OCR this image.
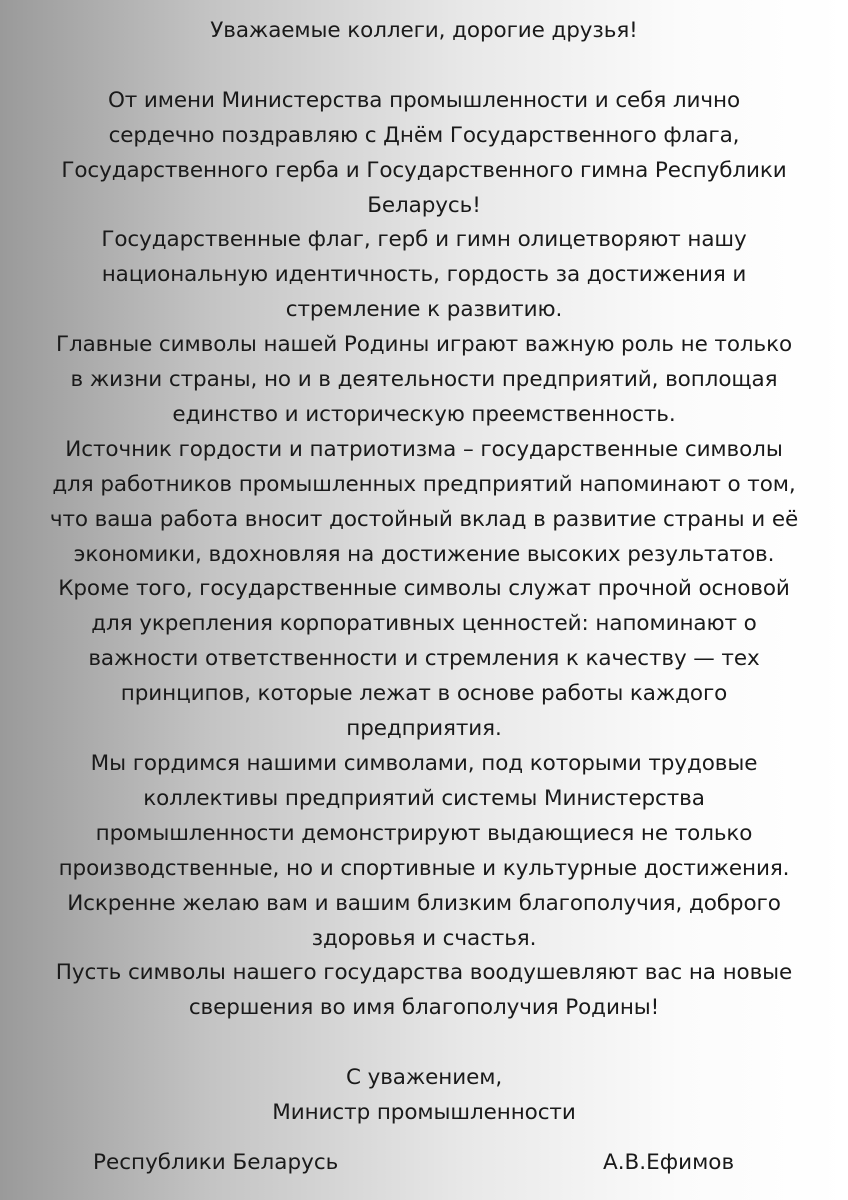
Уважаемые коллеги, дорогие друзья!

От имени Министерства промышленности и себя лично

сердечно поздравляю с Днём Государственного флага,

Государственного герба и Государственного гимна Республики

Беларусь!

Государственные флаг, герб и гимн олицетворяют нашу

национальную идентичность, гордость за достижения и

стремление к развитию.

Главные символы нашей Родины играют важную роль не только

в жизни страны, но и в деятельности предприятий, воплощая

единство и историческую преемственность.

Источник гордости и патриотизма – государственные символы

для работников промышленных предприятий напоминают о том,

что ваша работа вносит достойный вклад в развитие страны и её

экономики, вдохновляя на достижение высоких результатов.

Кроме того, государственные символы служат прочной основой

для укрепления корпоративных ценностей: напоминают о

важности ответственности и стремления к качеству — тех

принципов, которые лежат в основе работы каждого

предприятия.

Мы гордимся нашими символами, под которыми трудовые

коллективы предприятий системы Министерства

промышленности демонстрируют выдающиеся не только

производственные, но и спортивные и культурные достижения.

Искренне желаю вам и вашим близким благополучия, доброго

здоровья и счастья.

Пусть символы нашего государства воодушевляют вас на новые

свершения во имя благополучия Родины!

С уважением,

Министр промышленности

Республики Беларусь	А.В.Ефимов
